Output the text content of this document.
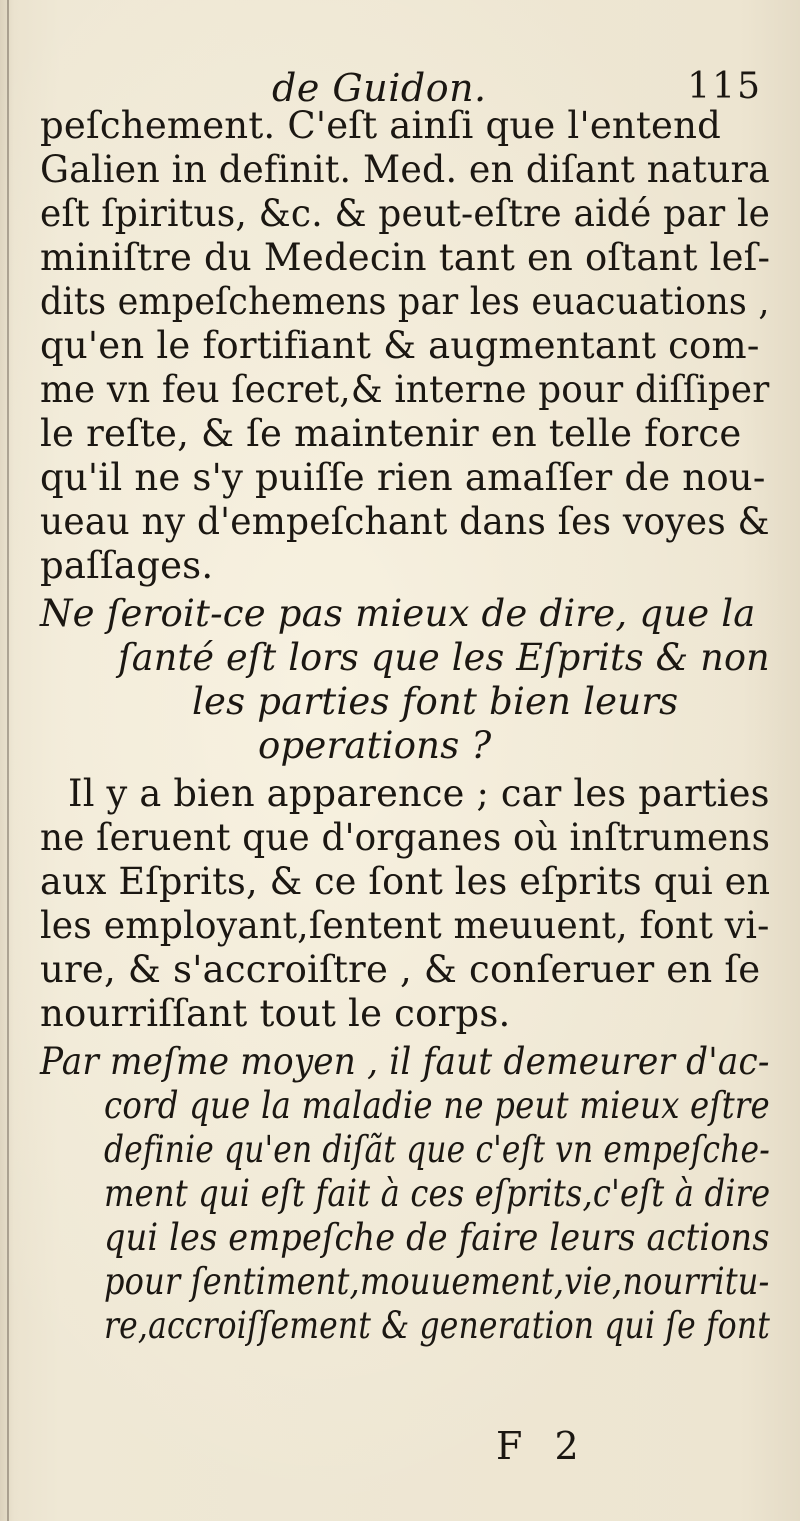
de Guidon.	115
peſchement. C'eſt ainſi que l'entend
Galien in definit. Med. en diſant natura
eſt ſpiritus, &c. & peut-eſtre aidé par le
miniſtre du Medecin tant en oſtant leſ-
dits empeſchemens par les euacuations ,
qu'en le fortifiant & augmentant com-
me vn feu ſecret,& interne pour diſſiper
le reſte, & ſe maintenir en telle force
qu'il ne s'y puiſſe rien amaſſer de nou-
ueau ny d'empeſchant dans ſes voyes &
paſſages.
Ne ſeroit-ce pas mieux de dire, que la
ſanté eſt lors que les Eſprits & non
les parties font bien leurs
operations ?
Il y a bien apparence ; car les parties
ne ſeruent que d'organes où inſtrumens
aux Eſprits, & ce ſont les eſprits qui en
les employant,ſentent meuuent, font vi-
ure, & s'accroiſtre , & conſeruer en ſe
nourriſſant tout le corps.
Par meſme moyen , il faut demeurer d'ac-
cord que la maladie ne peut mieux eſtre
definie qu'en diſãt que c'eſt vn empeſche-
ment qui eſt fait à ces eſprits,c'eſt à dire
qui les empeſche de faire leurs actions
pour ſentiment,mouuement,vie,nourritu-
re,accroiſſement & generation qui ſe font
F 2
